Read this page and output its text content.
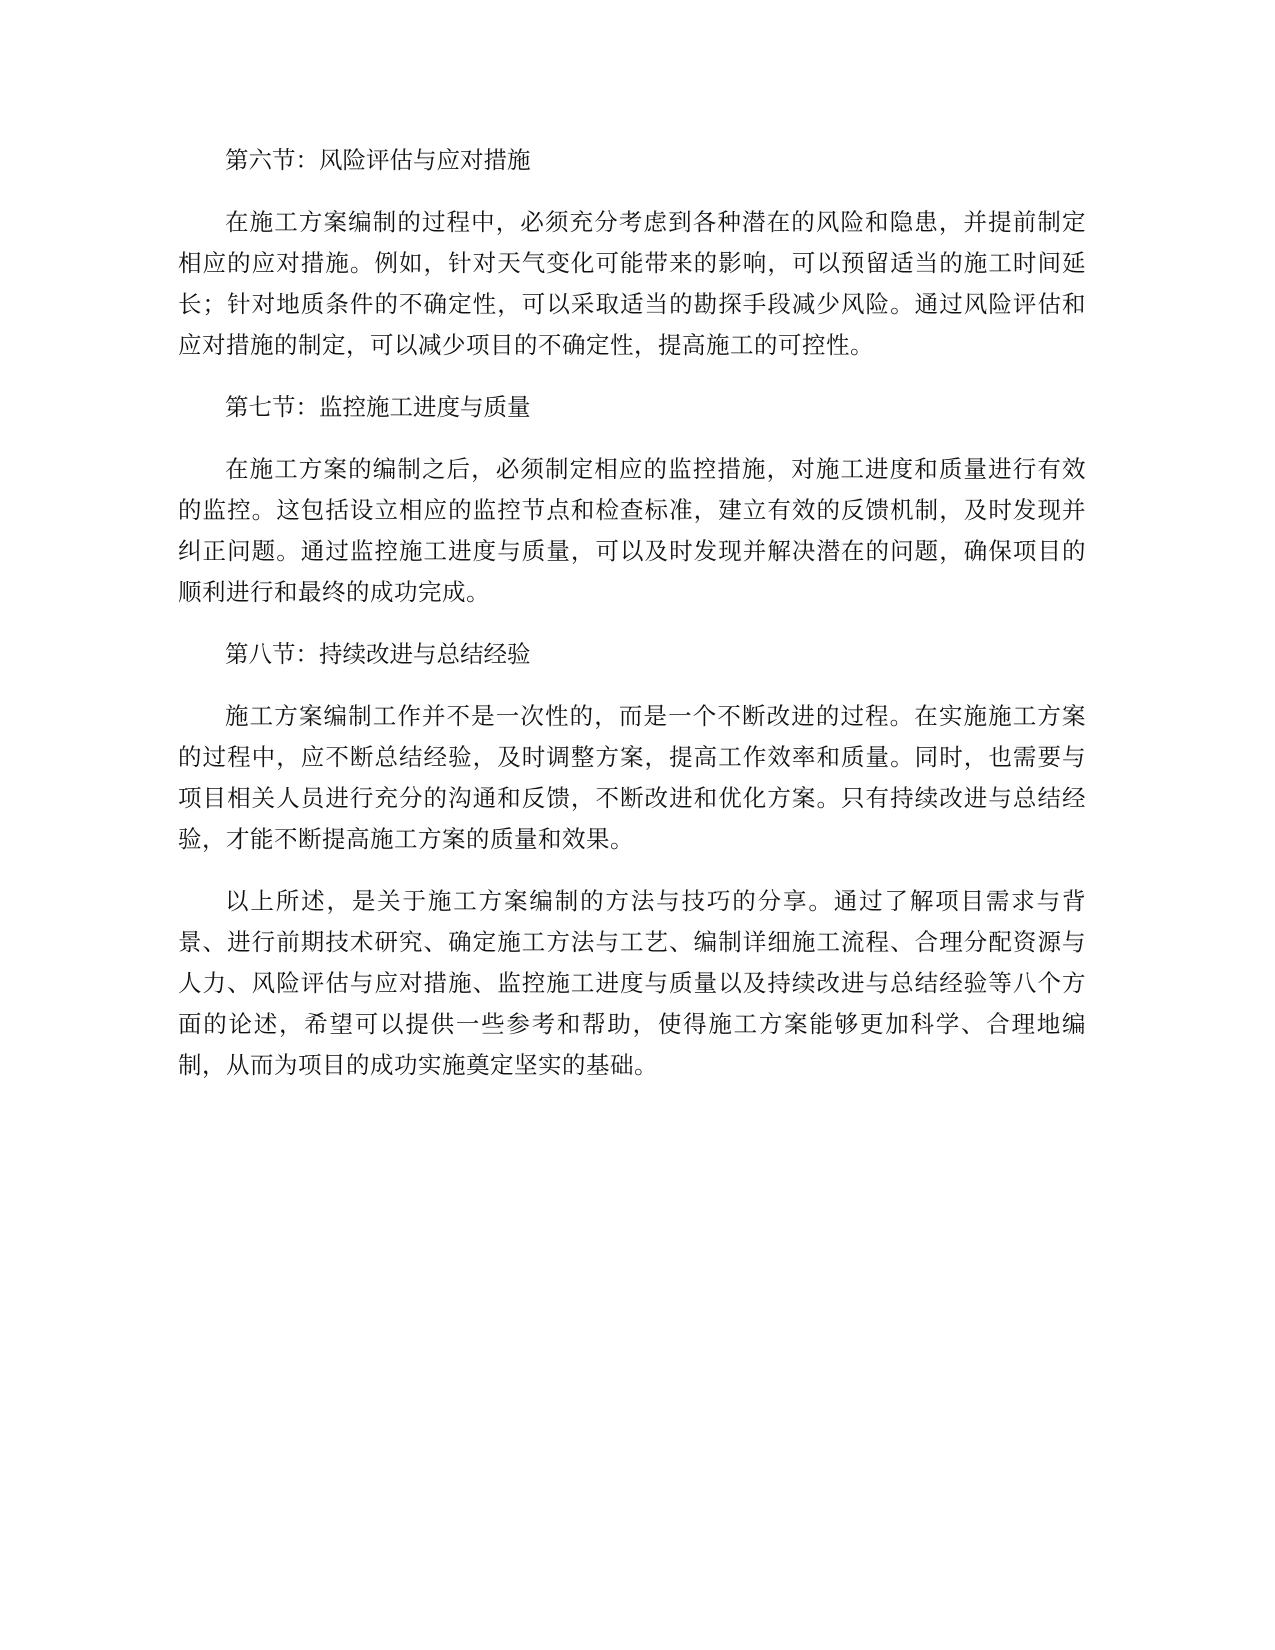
第六节：风险评估与应对措施

在施工方案编制的过程中，必须充分考虑到各种潜在的风险和隐患，并提前制定相应的应对措施。例如，针对天气变化可能带来的影响，可以预留适当的施工时间延长；针对地质条件的不确定性，可以采取适当的勘探手段减少风险。通过风险评估和应对措施的制定，可以减少项目的不确定性，提高施工的可控性。

第七节：监控施工进度与质量

在施工方案的编制之后，必须制定相应的监控措施，对施工进度和质量进行有效的监控。这包括设立相应的监控节点和检查标准，建立有效的反馈机制，及时发现并纠正问题。通过监控施工进度与质量，可以及时发现并解决潜在的问题，确保项目的顺利进行和最终的成功完成。

第八节：持续改进与总结经验

施工方案编制工作并不是一次性的，而是一个不断改进的过程。在实施施工方案的过程中，应不断总结经验，及时调整方案，提高工作效率和质量。同时，也需要与项目相关人员进行充分的沟通和反馈，不断改进和优化方案。只有持续改进与总结经验，才能不断提高施工方案的质量和效果。

以上所述，是关于施工方案编制的方法与技巧的分享。通过了解项目需求与背景、进行前期技术研究、确定施工方法与工艺、编制详细施工流程、合理分配资源与人力、风险评估与应对措施、监控施工进度与质量以及持续改进与总结经验等八个方面的论述，希望可以提供一些参考和帮助，使得施工方案能够更加科学、合理地编制，从而为项目的成功实施奠定坚实的基础。
